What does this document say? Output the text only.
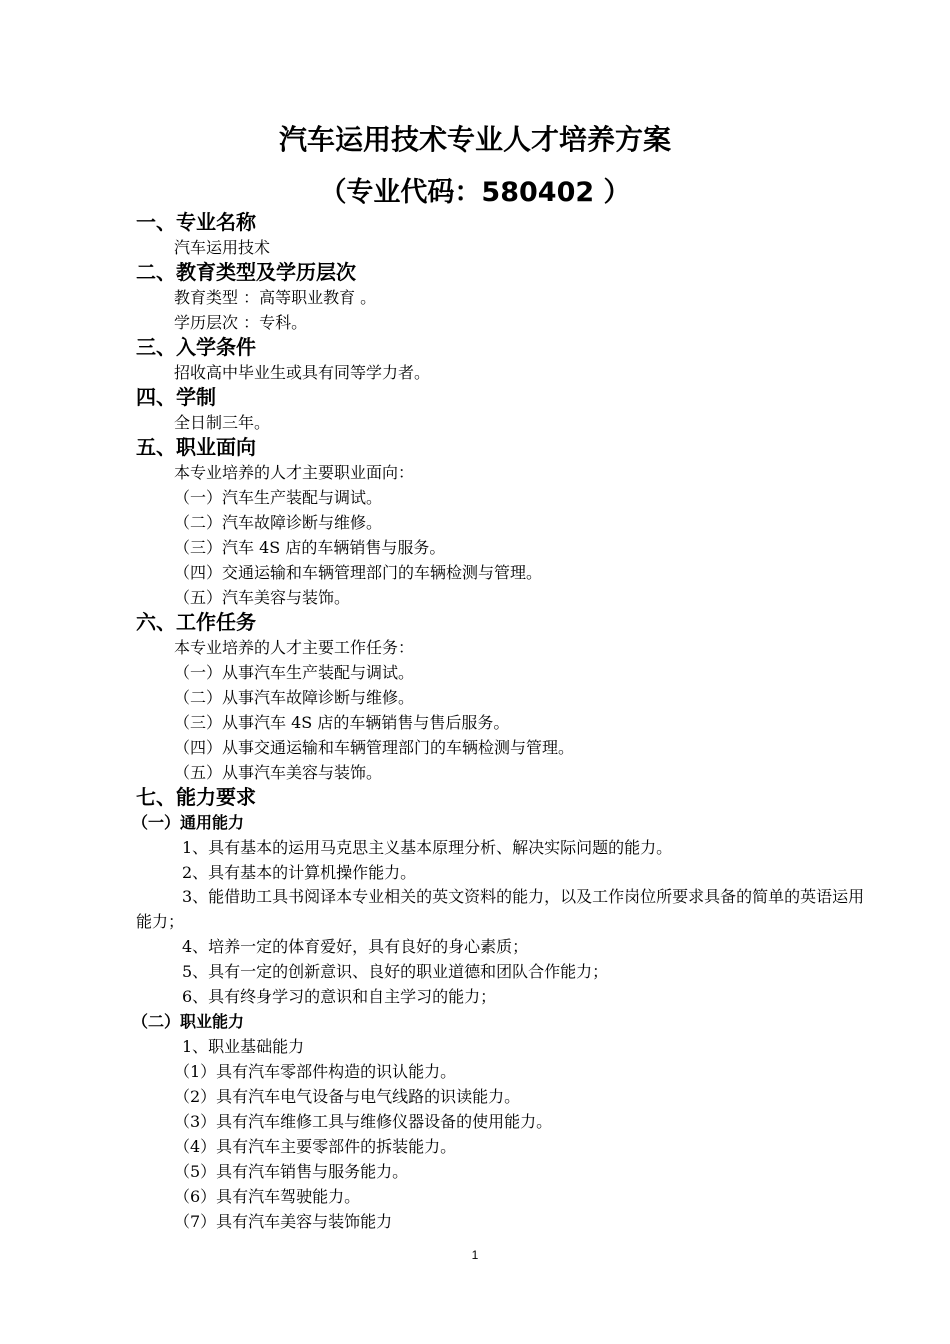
汽车运用技术专业人才培养方案
（专业代码：580402 ）
一、专业名称
汽车运用技术
二、教育类型及学历层次
教育类型 ：高等职业教育 。
学历层次 ：专科。
三、入学条件
招收高中毕业生或具有同等学力者。
四、学制
全日制三年。
五、职业面向
本专业培养的人才主要职业面向：
（一）汽车生产装配与调试。
（二）汽车故障诊断与维修。
（三）汽车 4S 店的车辆销售与服务。
（四）交通运输和车辆管理部门的车辆检测与管理。
（五）汽车美容与装饰。
六、工作任务
本专业培养的人才主要工作任务：
（一）从事汽车生产装配与调试。
（二）从事汽车故障诊断与维修。
（三）从事汽车 4S 店的车辆销售与售后服务。
（四）从事交通运输和车辆管理部门的车辆检测与管理。
（五）从事汽车美容与装饰。
七、能力要求
（一）通用能力
1、具有基本的运用马克思主义基本原理分析、解决实际问题的能力。
2、具有基本的计算机操作能力。
3、能借助工具书阅译本专业相关的英文资料的能力，以及工作岗位所要求具备的简单的英语运用能力；
4、培养一定的体育爱好，具有良好的身心素质；
5、具有一定的创新意识、良好的职业道德和团队合作能力；
6、具有终身学习的意识和自主学习的能力；
（二）职业能力
1、职业基础能力
（1）具有汽车零部件构造的识认能力。
（2）具有汽车电气设备与电气线路的识读能力。
（3）具有汽车维修工具与维修仪器设备的使用能力。
（4）具有汽车主要零部件的拆装能力。
（5）具有汽车销售与服务能力。
（6）具有汽车驾驶能力。
（7）具有汽车美容与装饰能力
1
